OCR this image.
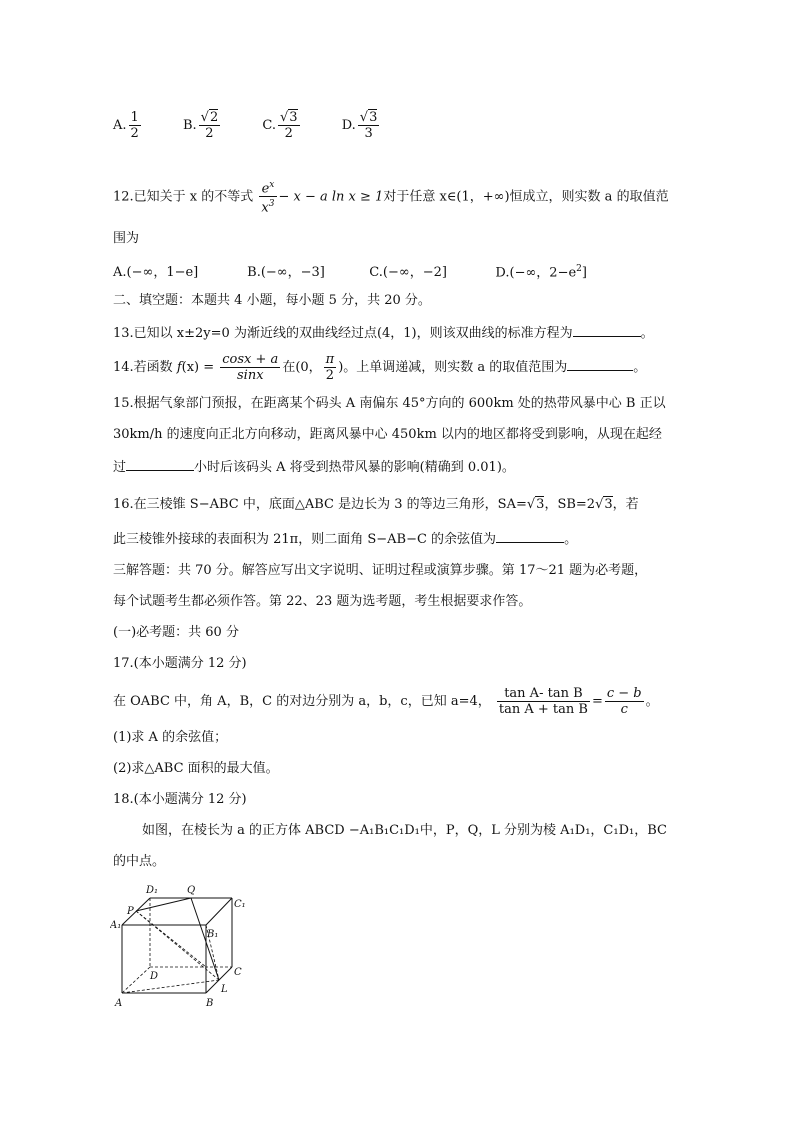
A. $\frac{1}{2}$	B. $\frac{√2}{2}$	C. $\frac{√3}{2}$	D. $\frac{√3}{3}$
12.已知关于 x 的不等式 $\frac{e^x}{x^3} - x - a$ ln x ≥ 1对于任意 x∈(1，+∞)恒成立，则实数 a 的取值范
围为
A.(−∞，1−e]	B.(−∞，−3]	C.(−∞，−2]	D.(−∞，$2-e^2$]
二、填空题：本题共 4 小题，每小题 5 分，共 20 分。
13.已知以 x±2y=0 为渐近线的双曲线经过点(4，1)，则该双曲线的标准方程为	。
14.若函数 $f(x) = \frac{\cos x + a}{\sin x}$ 在(0， $\frac{\pi}{2}$ )。上单调递减，则实数 a 的取值范围为	。
15.根据气象部门预报，在距离某个码头 A 南偏东 45°方向的 600km 处的热带风暴中心 B 正以
30km/h 的速度向正北方向移动，距离风暴中心 450km 以内的地区都将受到影响，从现在起经
过	小时后该码头 A 将受到热带风暴的影响(精确到 0.01)。
16.在三棱锥 S−ABC 中，底面△ABC 是边长为 3 的等边三角形，SA=√3，SB=2√3，若
此三棱锥外接球的表面积为 21π，则二面角 S−AB−C 的余弦值为	。
三解答题：共 70 分。解答应写出文字说明、证明过程或演算步骤。第 17～21 题为必考题，
每个试题考生都必须作答。第 22、23 题为选考题，考生根据要求作答。
(一)必考题：共 60 分
17.(本小题满分 12 分)
在 OABC 中，角 A，B，C 的对边分别为 a，b，c，已知 a=4， $\frac{\text{tan A- tan B}}{\text{tan A + tan B}} = \frac{c - b}{c}$ 。
(1)求 A 的余弦值；
(2)求△ABC 面积的最大值。
18.(本小题满分 12 分)
如图，在棱长为 a 的正方体 ABCD −A₁B₁C₁D₁中，P，Q，L 分别为棱 A₁D₁，C₁D₁，BC
的中点。
D₁	Q
C₁
P
A₁
B₁
D	C
L
A	B
